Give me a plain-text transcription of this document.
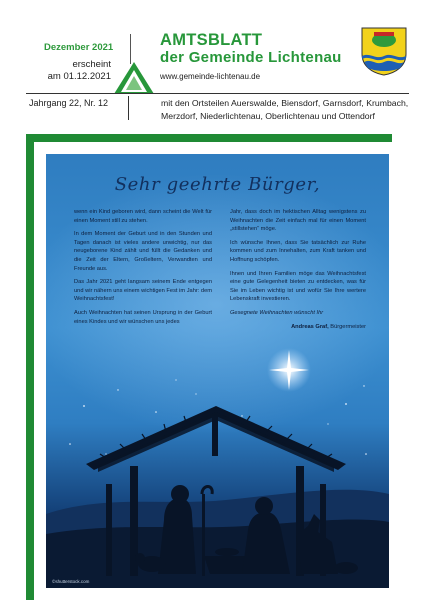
Dezember 2021
erscheint
am 01.12.2021
AMTSBLATT
der Gemeinde Lichtenau
www.gemeinde-lichtenau.de
Jahrgang 22, Nr. 12	mit den Ortsteilen Auerswalde, Biensdorf, Garnsdorf, Krumbach, Merzdorf, Niederlichtenau, Oberlichtenau und Ottendorf
Sehr geehrte Bürger,

wenn ein Kind geboren wird, dann scheint die Welt für einen Moment still zu stehen.

In dem Moment der Geburt und in den Stunden und Tagen danach ist vieles andere unwichtig, nur das neugeborene Kind zählt und füllt die Gedanken und die Zeit der Eltern, Großeltern, Verwandten und Freunde aus.

Das Jahr 2021 geht langsam seinem Ende entgegen und wir nähern uns einem wichtigen Fest im Jahr: dem Weihnachtsfest!

Auch Weihnachten hat seinen Ursprung in der Geburt eines Kindes und wir wünschen uns jedes

Jahr, dass doch im hektischen Alltag wenigstens zu Weihnachten die Zeit einfach mal für einen Moment „stillstehen“ möge.

Ich wünsche Ihnen, dass Sie tatsächlich zur Ruhe kommen und zum Innehalten, zum Kraft tanken und Hoffnung schöpfen.

Ihnen und Ihren Familien möge das Weihnachtsfest eine gute Gelegenheit bieten zu entdecken, was für Sie im Leben wichtig ist und wofür Sie Ihre wertere Lebenskraft investieren.

Gesegnete Weihnachten wünscht Ihr

Andreas Graf, Bürgermeister

©shutterstock.com
